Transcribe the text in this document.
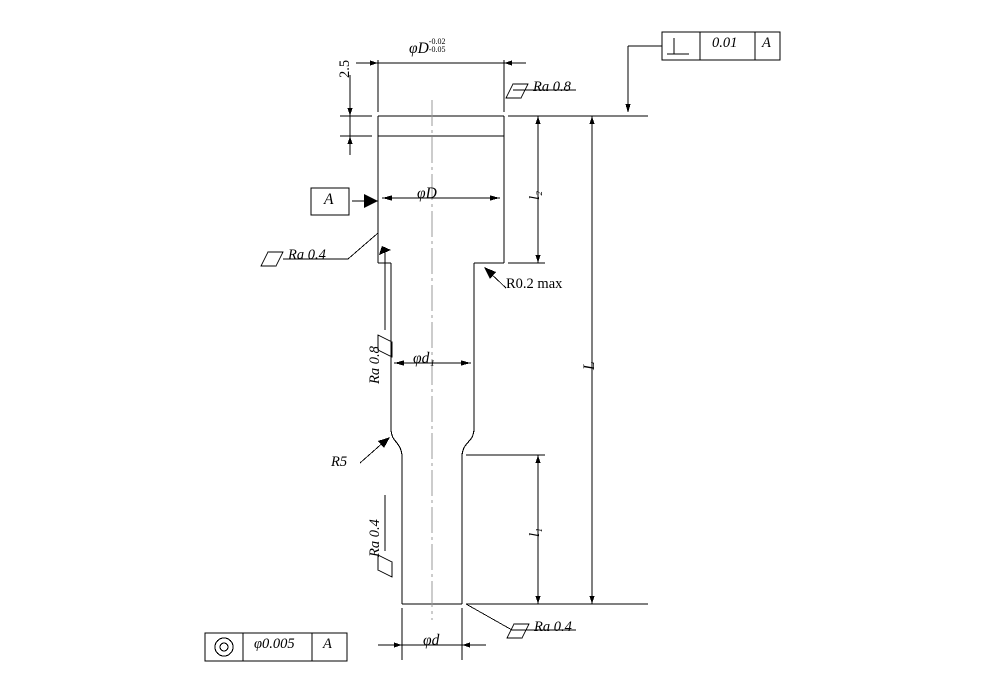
φD -0.02
-0.05
2.5
φD
φd₁
φd
l₂
l₁
L
R0.2 max
R5
Ra 0.8
Ra 0.4
Ra 0.8
Ra 0.4
Ra 0.4
0.01 A
A
φ0.005 A
